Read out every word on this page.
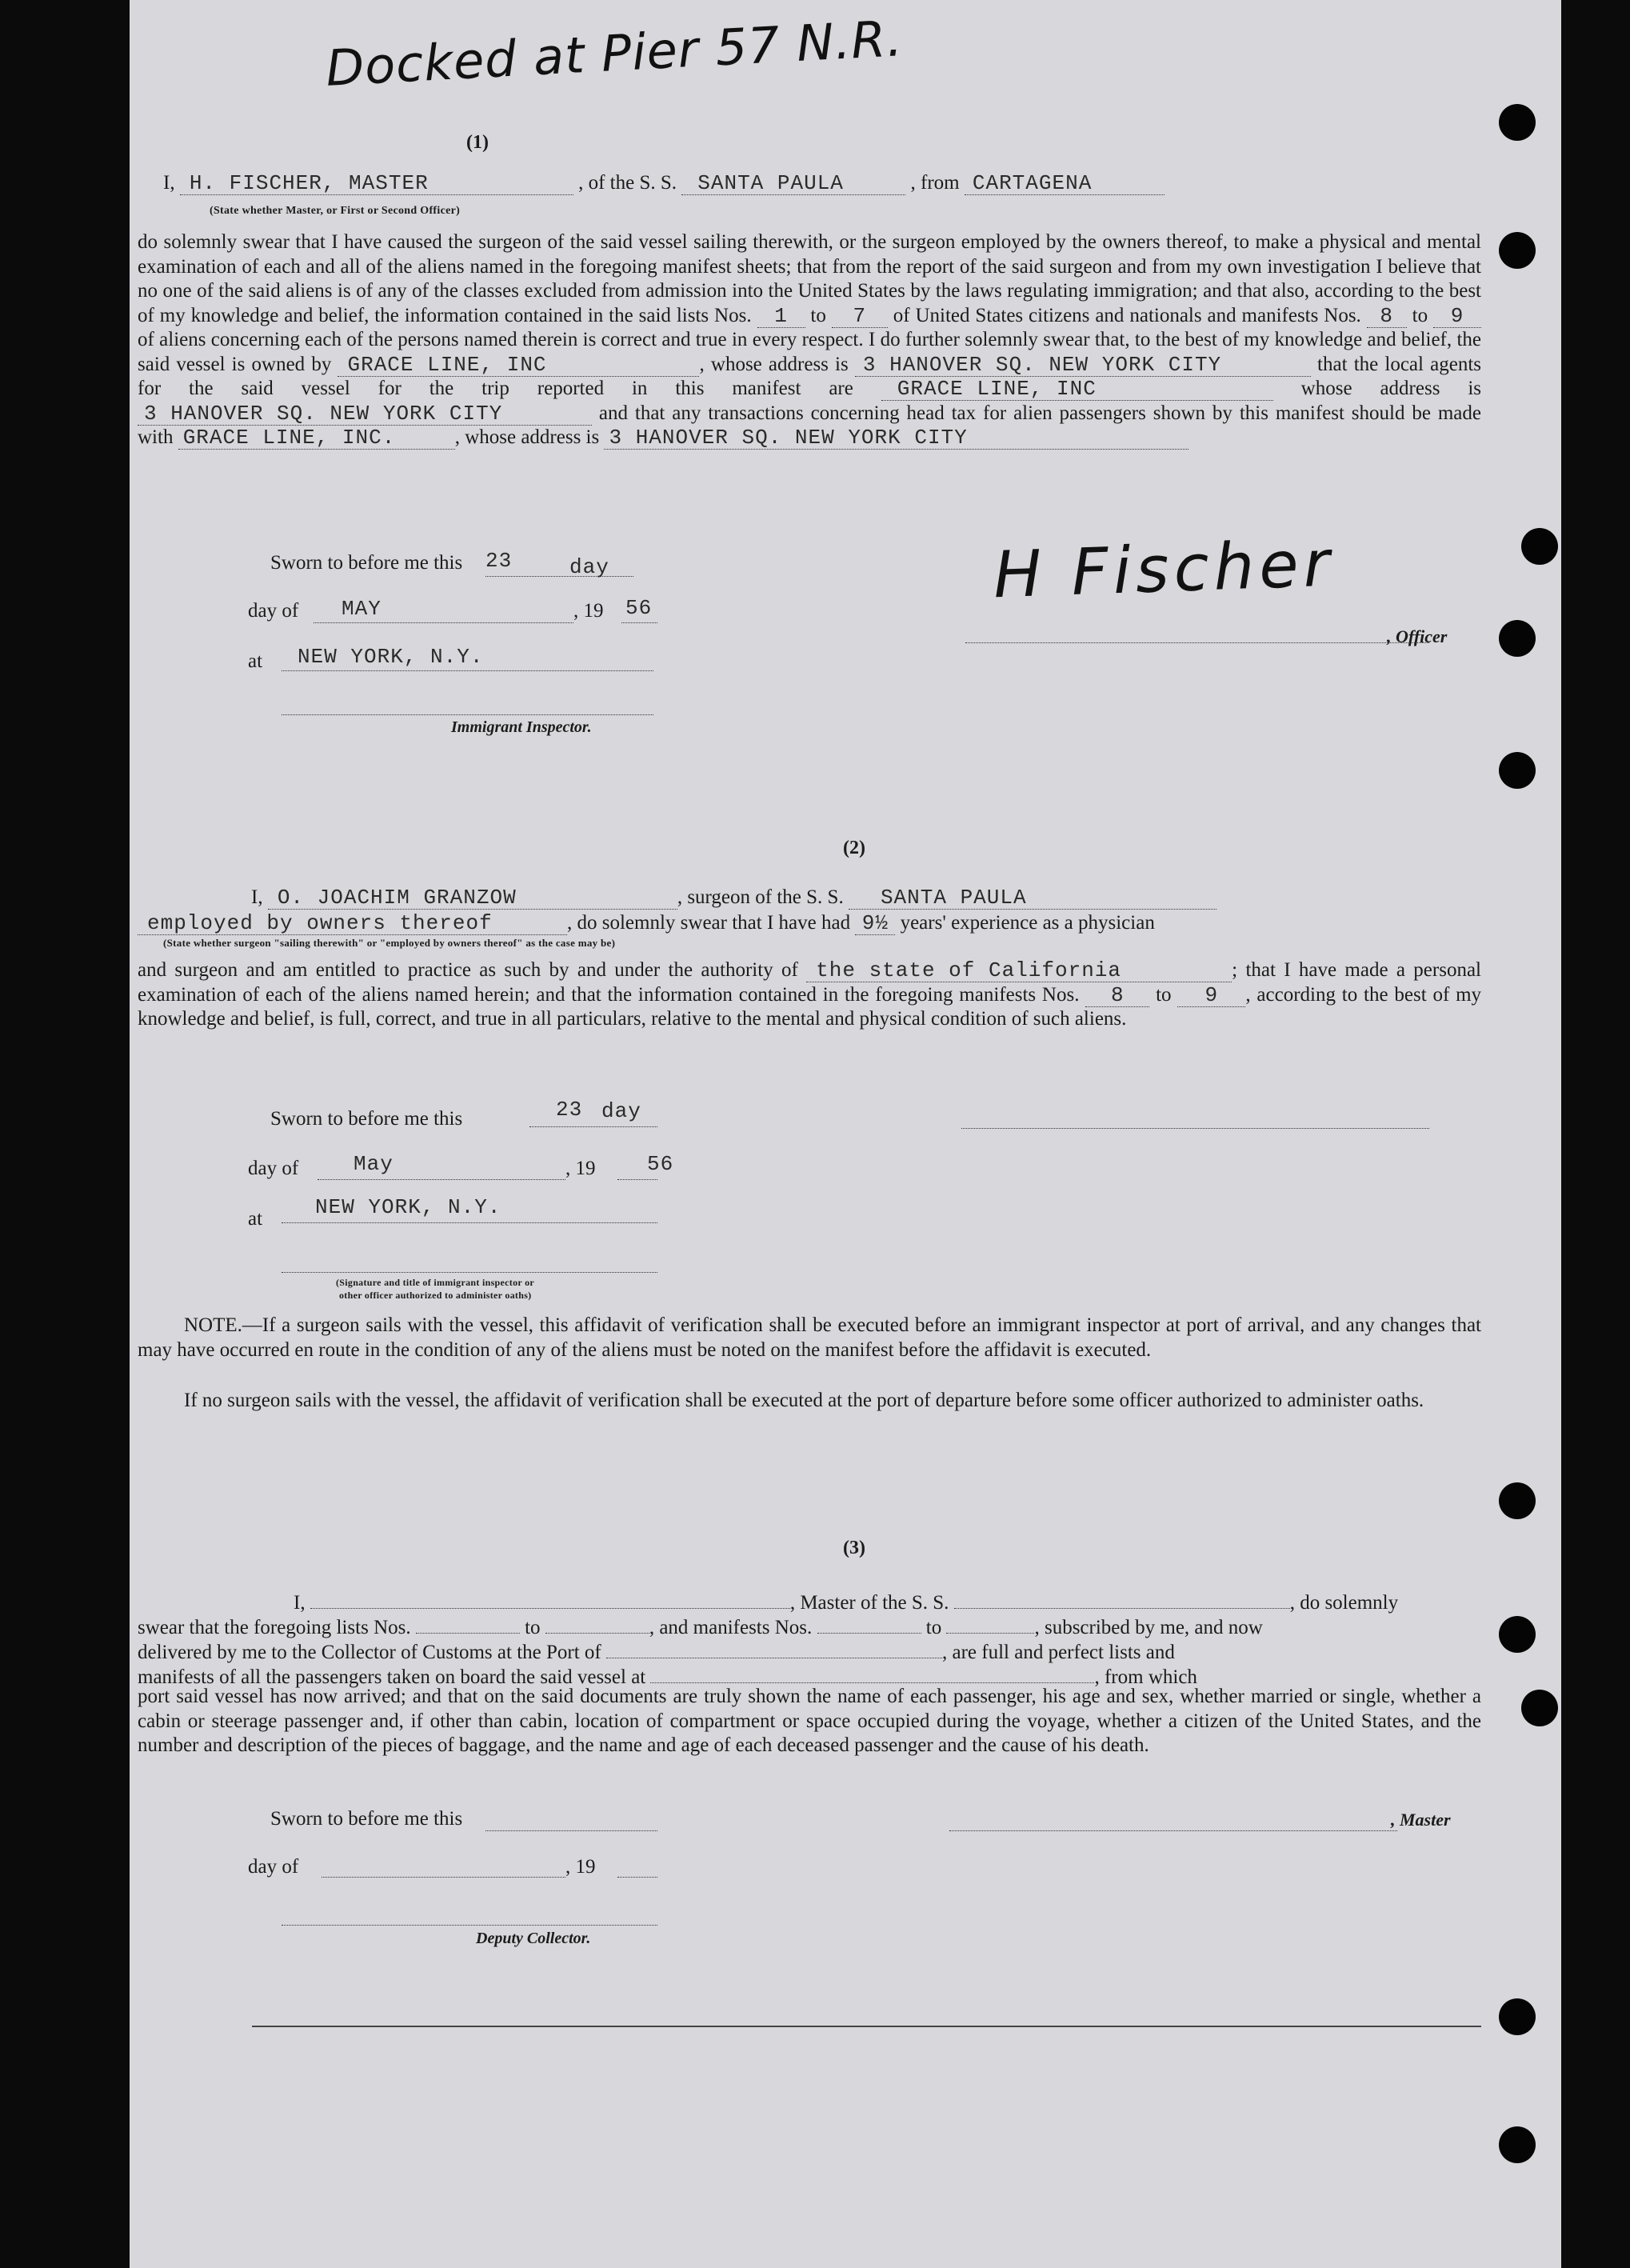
Docked at Pier 57 N.R.
(1)
I, H. FISCHER, MASTER	, of the S. S. SANTA PAULA	, from CARTAGENA
(State whether Master, or First or Second Officer)
do solemnly swear that I have caused the surgeon of the said vessel sailing therewith, or the surgeon employed by the owners thereof, to make a physical and mental examination of each and all of the aliens named in the foregoing manifest sheets; that from the report of the said surgeon and from my own investigation I believe that no one of the said aliens is of any of the classes excluded from admission into the United States by the laws regulating immigration; and that also, according to the best of my knowledge and belief, the information contained in the said lists Nos. 1 to 7 of United States citizens and nationals and manifests Nos. 8 to 9 of aliens concerning each of the persons named therein is correct and true in every respect. I do further solemnly swear that, to the best of my knowledge and belief, the said vessel is owned by GRACE LINE, INC	, whose address is 3 HANOVER SQ. NEW YORK CITY	that the local agents for the said vessel for the trip reported in this manifest are GRACE LINE, INC	whose address is 3 HANOVER SQ. NEW YORK CITY	and that any transactions concerning head tax for alien passengers shown by this manifest should be made with GRACE LINE, INC.	, whose address is 3 HANOVER SQ. NEW YORK CITY
Sworn to before me this 23	day
day of MAY	, 19 56
at NEW YORK, N.Y.
Immigrant Inspector.
H Fischer
, Officer
(2)
I, O. JOACHIM GRANZOW	, surgeon of the S. S. SANTA PAULA
employed by owners thereof	, do solemnly swear that I have had 9½ years' experience as a physician
(State whether surgeon "sailing therewith" or "employed by owners thereof" as the case may be)
and surgeon and am entitled to practice as such by and under the authority of the state of California	; that I have made a personal examination of each of the aliens named herein; and that the information contained in the foregoing manifests Nos. 8 to 9 , according to the best of my knowledge and belief, is full, correct, and true in all particulars, relative to the mental and physical condition of such aliens.
Sworn to before me this	23 day
day of	May	, 19 56
at	NEW YORK, N.Y.
(Signature and title of immigrant inspector or
other officer authorized to administer oaths)
NOTE.—If a surgeon sails with the vessel, this affidavit of verification shall be executed before an immigrant inspector at port of arrival, and any changes that may have occurred en route in the condition of any of the aliens must be noted on the manifest before the affidavit is executed.
If no surgeon sails with the vessel, the affidavit of verification shall be executed at the port of departure before some officer authorized to administer oaths.
(3)
I,	, Master of the S. S.	, do solemnly
swear that the foregoing lists Nos.	to	, and manifests Nos.	to	, subscribed by me, and now
delivered by me to the Collector of Customs at the Port of	, are full and perfect lists and
manifests of all the passengers taken on board the said vessel at	, from which
port said vessel has now arrived; and that on the said documents are truly shown the name of each passenger, his age and sex, whether married or single, whether a cabin or steerage passenger and, if other than cabin, location of compartment or space occupied during the voyage, whether a citizen of the United States, and the number and description of the pieces of baggage, and the name and age of each deceased passenger and the cause of his death.
Sworn to before me this	, Master
day of	, 19
Deputy Collector.
